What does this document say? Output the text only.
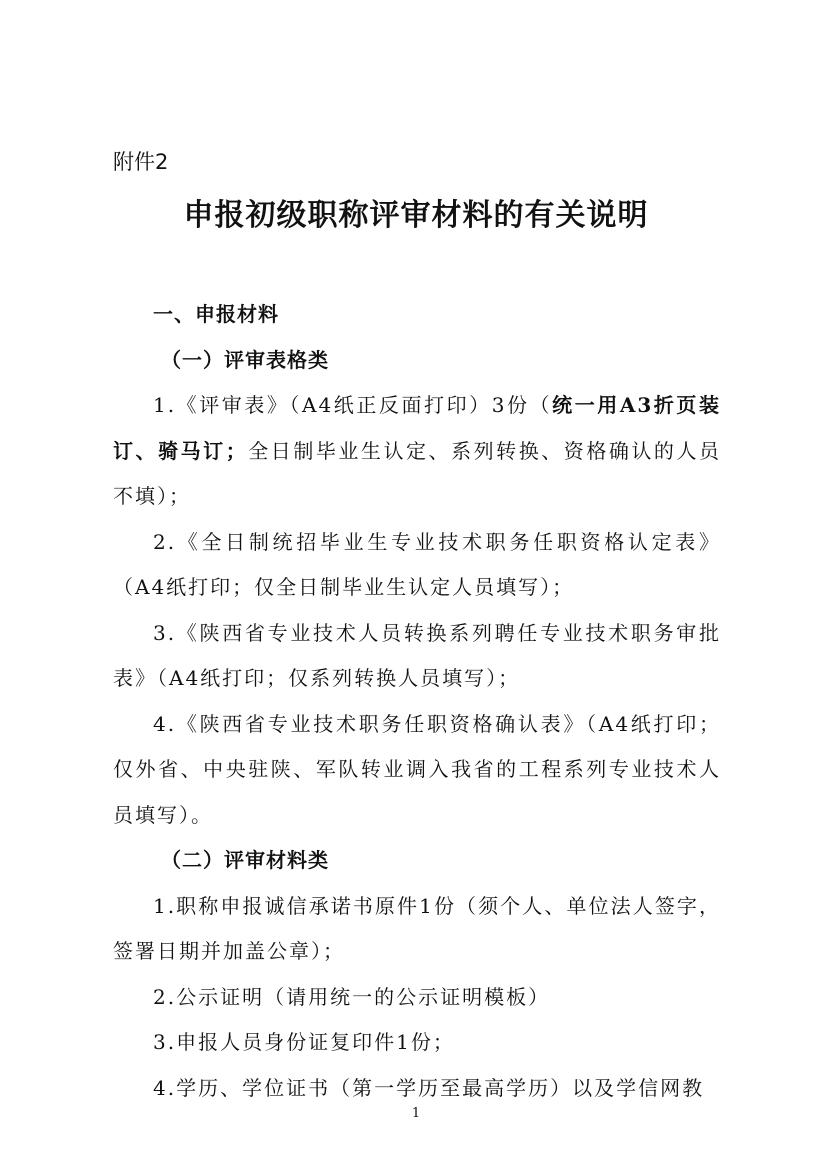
附件2
申报初级职称评审材料的有关说明

一、申报材料

（一）评审表格类

1.《评审表》（A4纸正反面打印）3份（统一用A3折页装订、骑马订；全日制毕业生认定、系列转换、资格确认的人员不填）；

2.《全日制统招毕业生专业技术职务任职资格认定表》（A4纸打印；仅全日制毕业生认定人员填写）；

3.《陕西省专业技术人员转换系列聘任专业技术职务审批表》（A4纸打印；仅系列转换人员填写）；

4.《陕西省专业技术职务任职资格确认表》（A4纸打印；仅外省、中央驻陕、军队转业调入我省的工程系列专业技术人员填写）。

（二）评审材料类

1.职称申报诚信承诺书原件1份（须个人、单位法人签字，签署日期并加盖公章）；

2.公示证明（请用统一的公示证明模板）

3.申报人员身份证复印件1份；

4.学历、学位证书（第一学历至最高学历）以及学信网教

1
